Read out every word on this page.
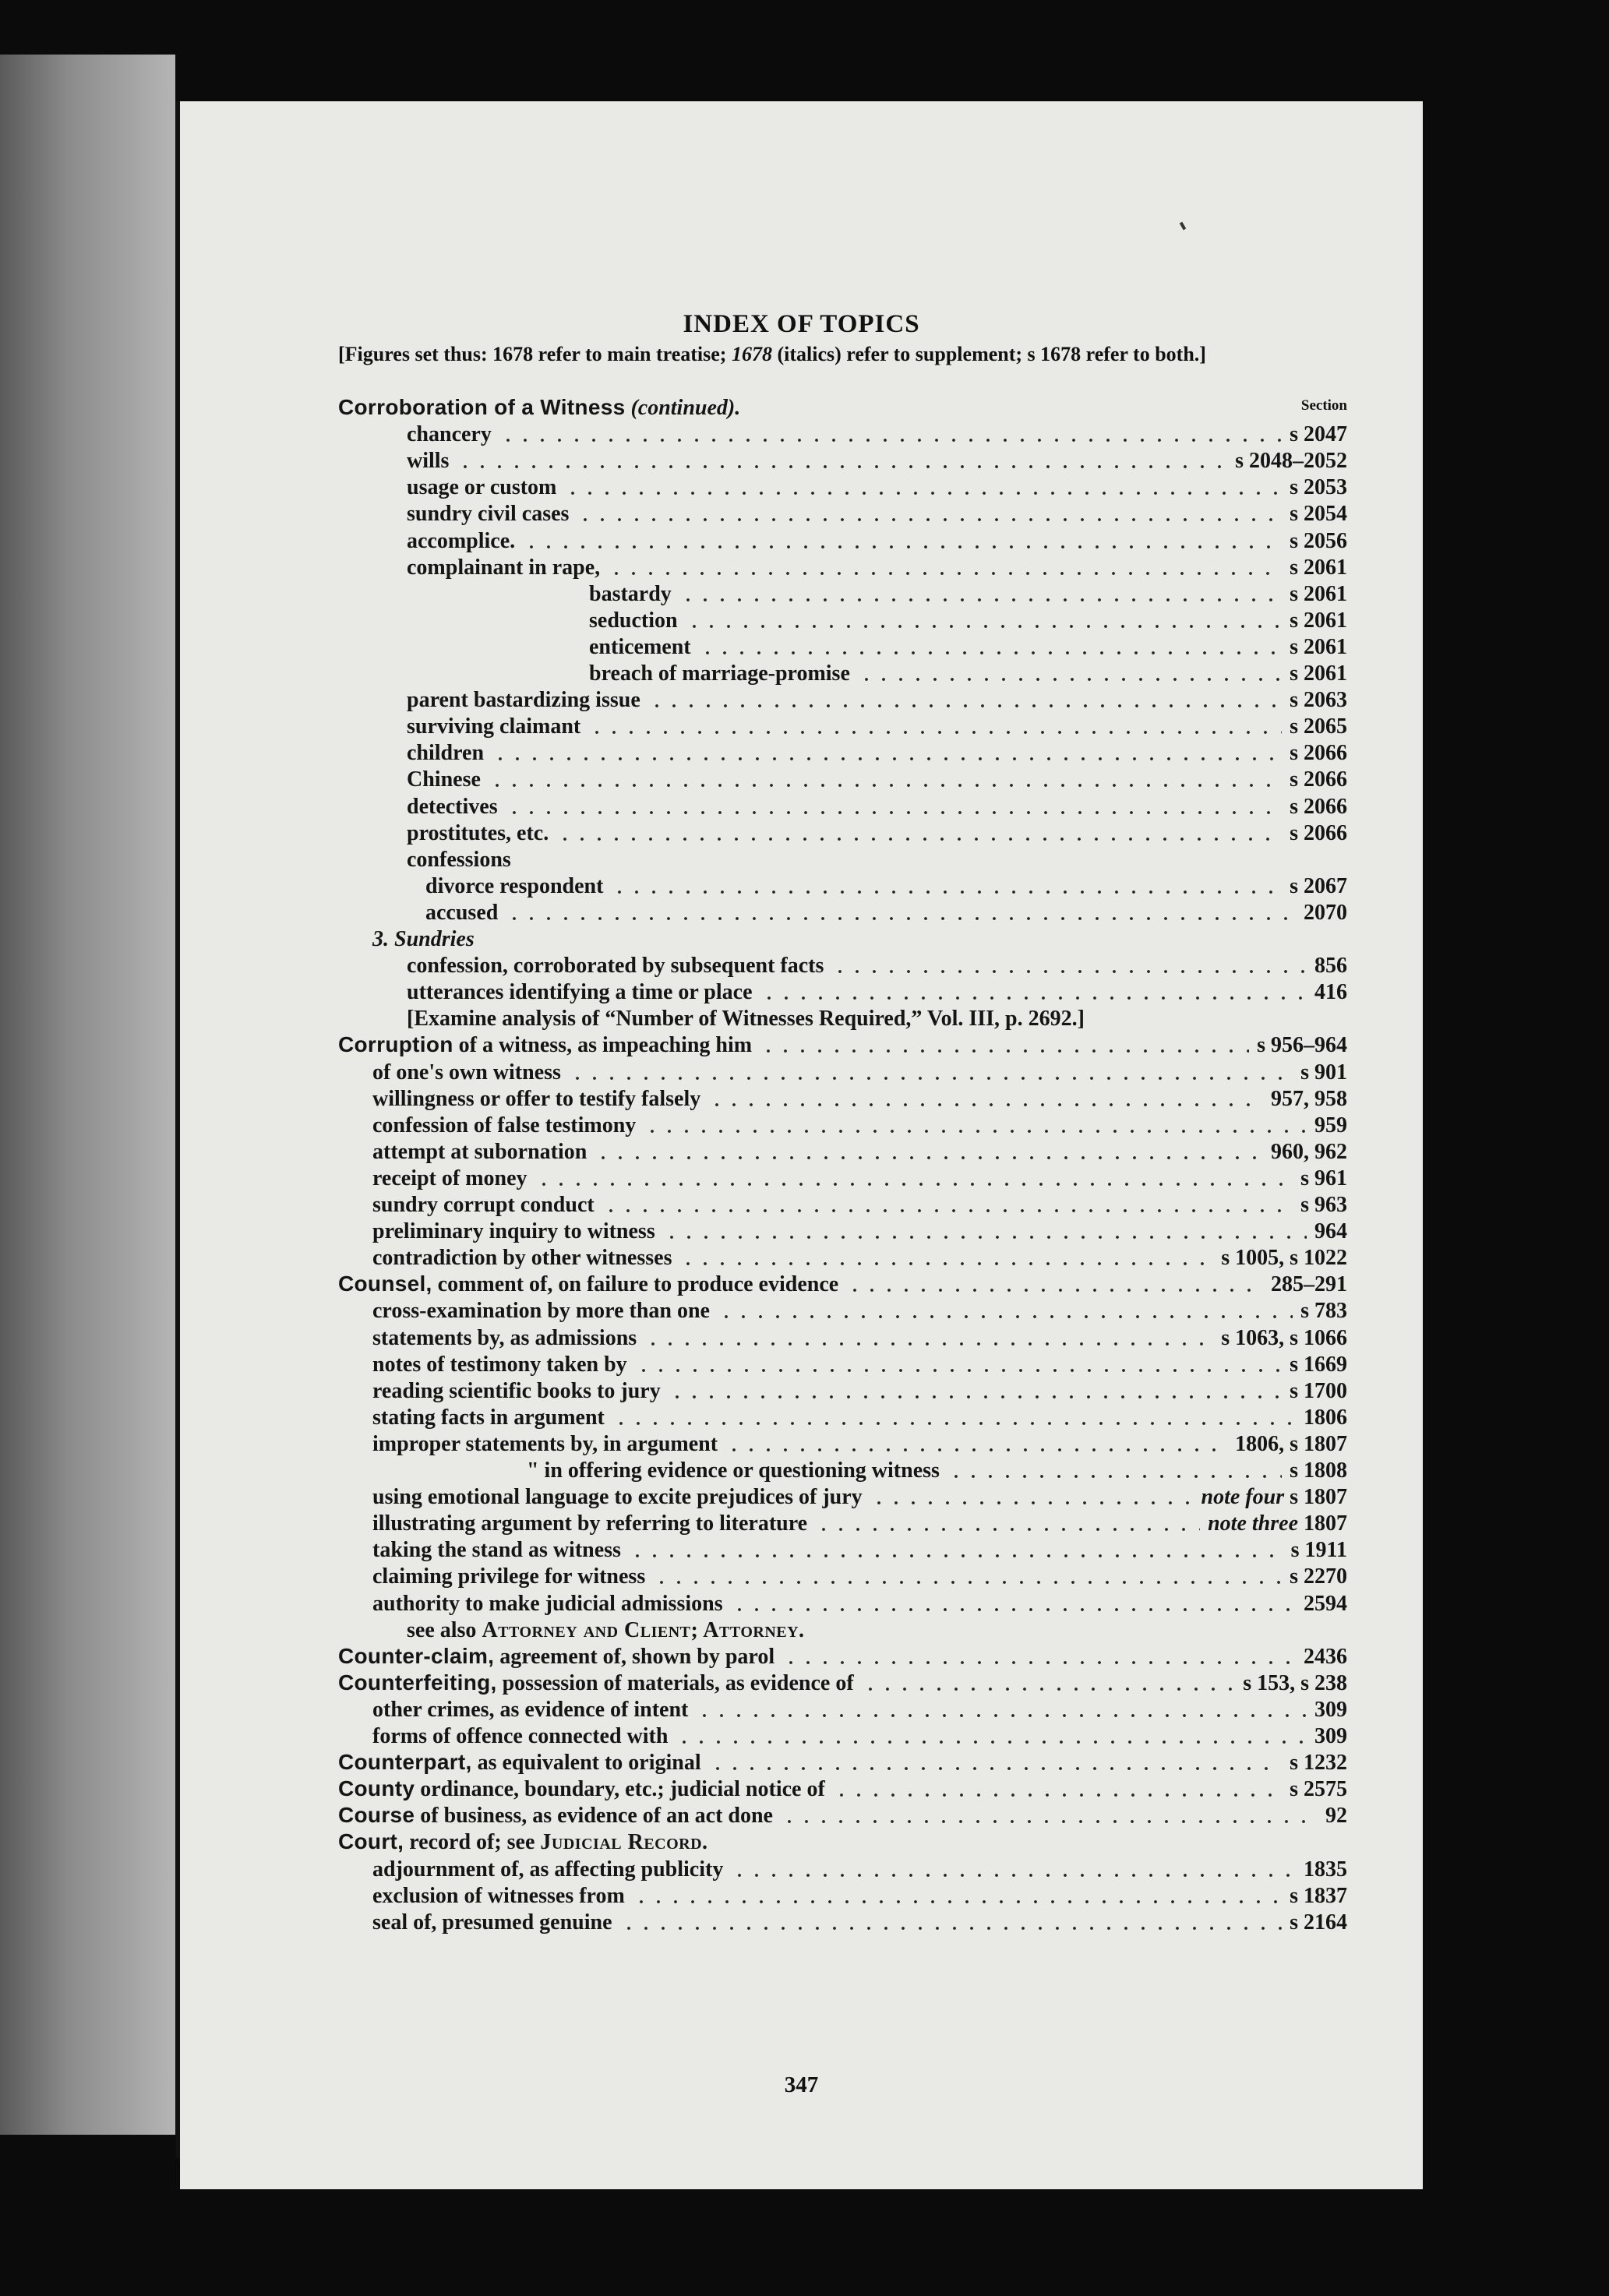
INDEX OF TOPICS
[Figures set thus: 1678 refer to main treatise; 1678 (italics) refer to supplement; s 1678 refer to both.]
Section
Corroboration of a Witness (continued).
chancery	s 2047
wills	s 2048–2052
usage or custom	s 2053
sundry civil cases	s 2054
accomplice.	s 2056
complainant in rape,	s 2061
bastardy	s 2061
seduction	s 2061
enticement	s 2061
breach of marriage-promise	s 2061
parent bastardizing issue	s 2063
surviving claimant	s 2065
children	s 2066
Chinese	s 2066
detectives	s 2066
prostitutes, etc.	s 2066
confessions
divorce respondent	s 2067
accused	2070
3. Sundries
confession, corroborated by subsequent facts	856
utterances identifying a time or place	416
[Examine analysis of “Number of Witnesses Required,” Vol. III, p. 2692.]
Corruption of a witness, as impeaching him	s 956–964
of one's own witness	s 901
willingness or offer to testify falsely	957, 958
confession of false testimony	959
attempt at subornation	960, 962
receipt of money	s 961
sundry corrupt conduct	s 963
preliminary inquiry to witness	964
contradiction by other witnesses	s 1005, s 1022
Counsel, comment of, on failure to produce evidence	285–291
cross-examination by more than one	s 783
statements by, as admissions	s 1063, s 1066
notes of testimony taken by	s 1669
reading scientific books to jury	s 1700
stating facts in argument	1806
improper statements by, in argument	1806, s 1807
" in offering evidence or questioning witness	s 1808
using emotional language to excite prejudices of jury	note four s 1807
illustrating argument by referring to literature	note three 1807
taking the stand as witness	s 1911
claiming privilege for witness	s 2270
authority to make judicial admissions	2594
see also Attorney and Client; Attorney.
Counter-claim, agreement of, shown by parol	2436
Counterfeiting, possession of materials, as evidence of	s 153, s 238
other crimes, as evidence of intent	309
forms of offence connected with	309
Counterpart, as equivalent to original	s 1232
County ordinance, boundary, etc.; judicial notice of	s 2575
Course of business, as evidence of an act done	92
Court, record of; see Judicial Record.
adjournment of, as affecting publicity	1835
exclusion of witnesses from	s 1837
seal of, presumed genuine	s 2164
347
